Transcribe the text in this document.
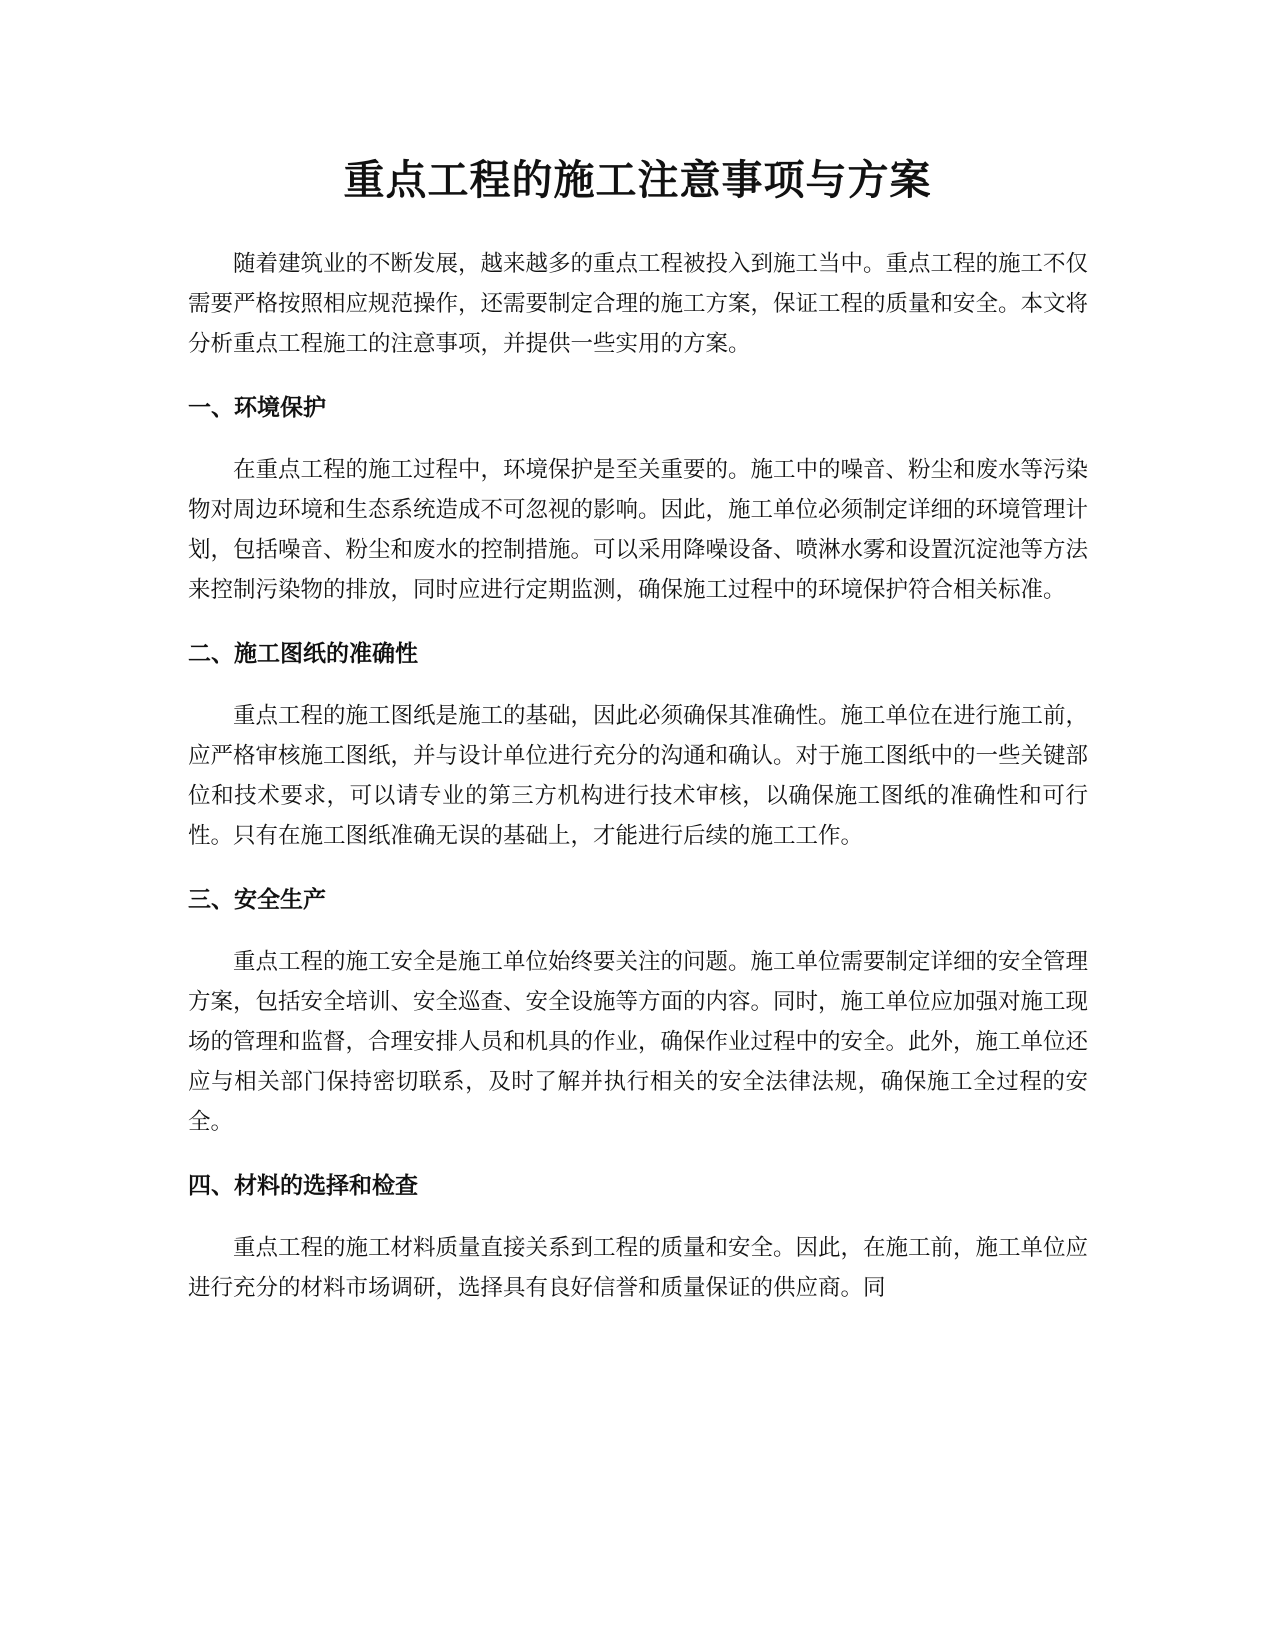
重点工程的施工注意事项与方案

随着建筑业的不断发展，越来越多的重点工程被投入到施工当中。重点工程的施工不仅需要严格按照相应规范操作，还需要制定合理的施工方案，保证工程的质量和安全。本文将分析重点工程施工的注意事项，并提供一些实用的方案。

一、环境保护

在重点工程的施工过程中，环境保护是至关重要的。施工中的噪音、粉尘和废水等污染物对周边环境和生态系统造成不可忽视的影响。因此，施工单位必须制定详细的环境管理计划，包括噪音、粉尘和废水的控制措施。可以采用降噪设备、喷淋水雾和设置沉淀池等方法来控制污染物的排放，同时应进行定期监测，确保施工过程中的环境保护符合相关标准。

二、施工图纸的准确性

重点工程的施工图纸是施工的基础，因此必须确保其准确性。施工单位在进行施工前，应严格审核施工图纸，并与设计单位进行充分的沟通和确认。对于施工图纸中的一些关键部位和技术要求，可以请专业的第三方机构进行技术审核，以确保施工图纸的准确性和可行性。只有在施工图纸准确无误的基础上，才能进行后续的施工工作。

三、安全生产

重点工程的施工安全是施工单位始终要关注的问题。施工单位需要制定详细的安全管理方案，包括安全培训、安全巡查、安全设施等方面的内容。同时，施工单位应加强对施工现场的管理和监督，合理安排人员和机具的作业，确保作业过程中的安全。此外，施工单位还应与相关部门保持密切联系，及时了解并执行相关的安全法律法规，确保施工全过程的安全。

四、材料的选择和检查

重点工程的施工材料质量直接关系到工程的质量和安全。因此，在施工前，施工单位应进行充分的材料市场调研，选择具有良好信誉和质量保证的供应商。同
